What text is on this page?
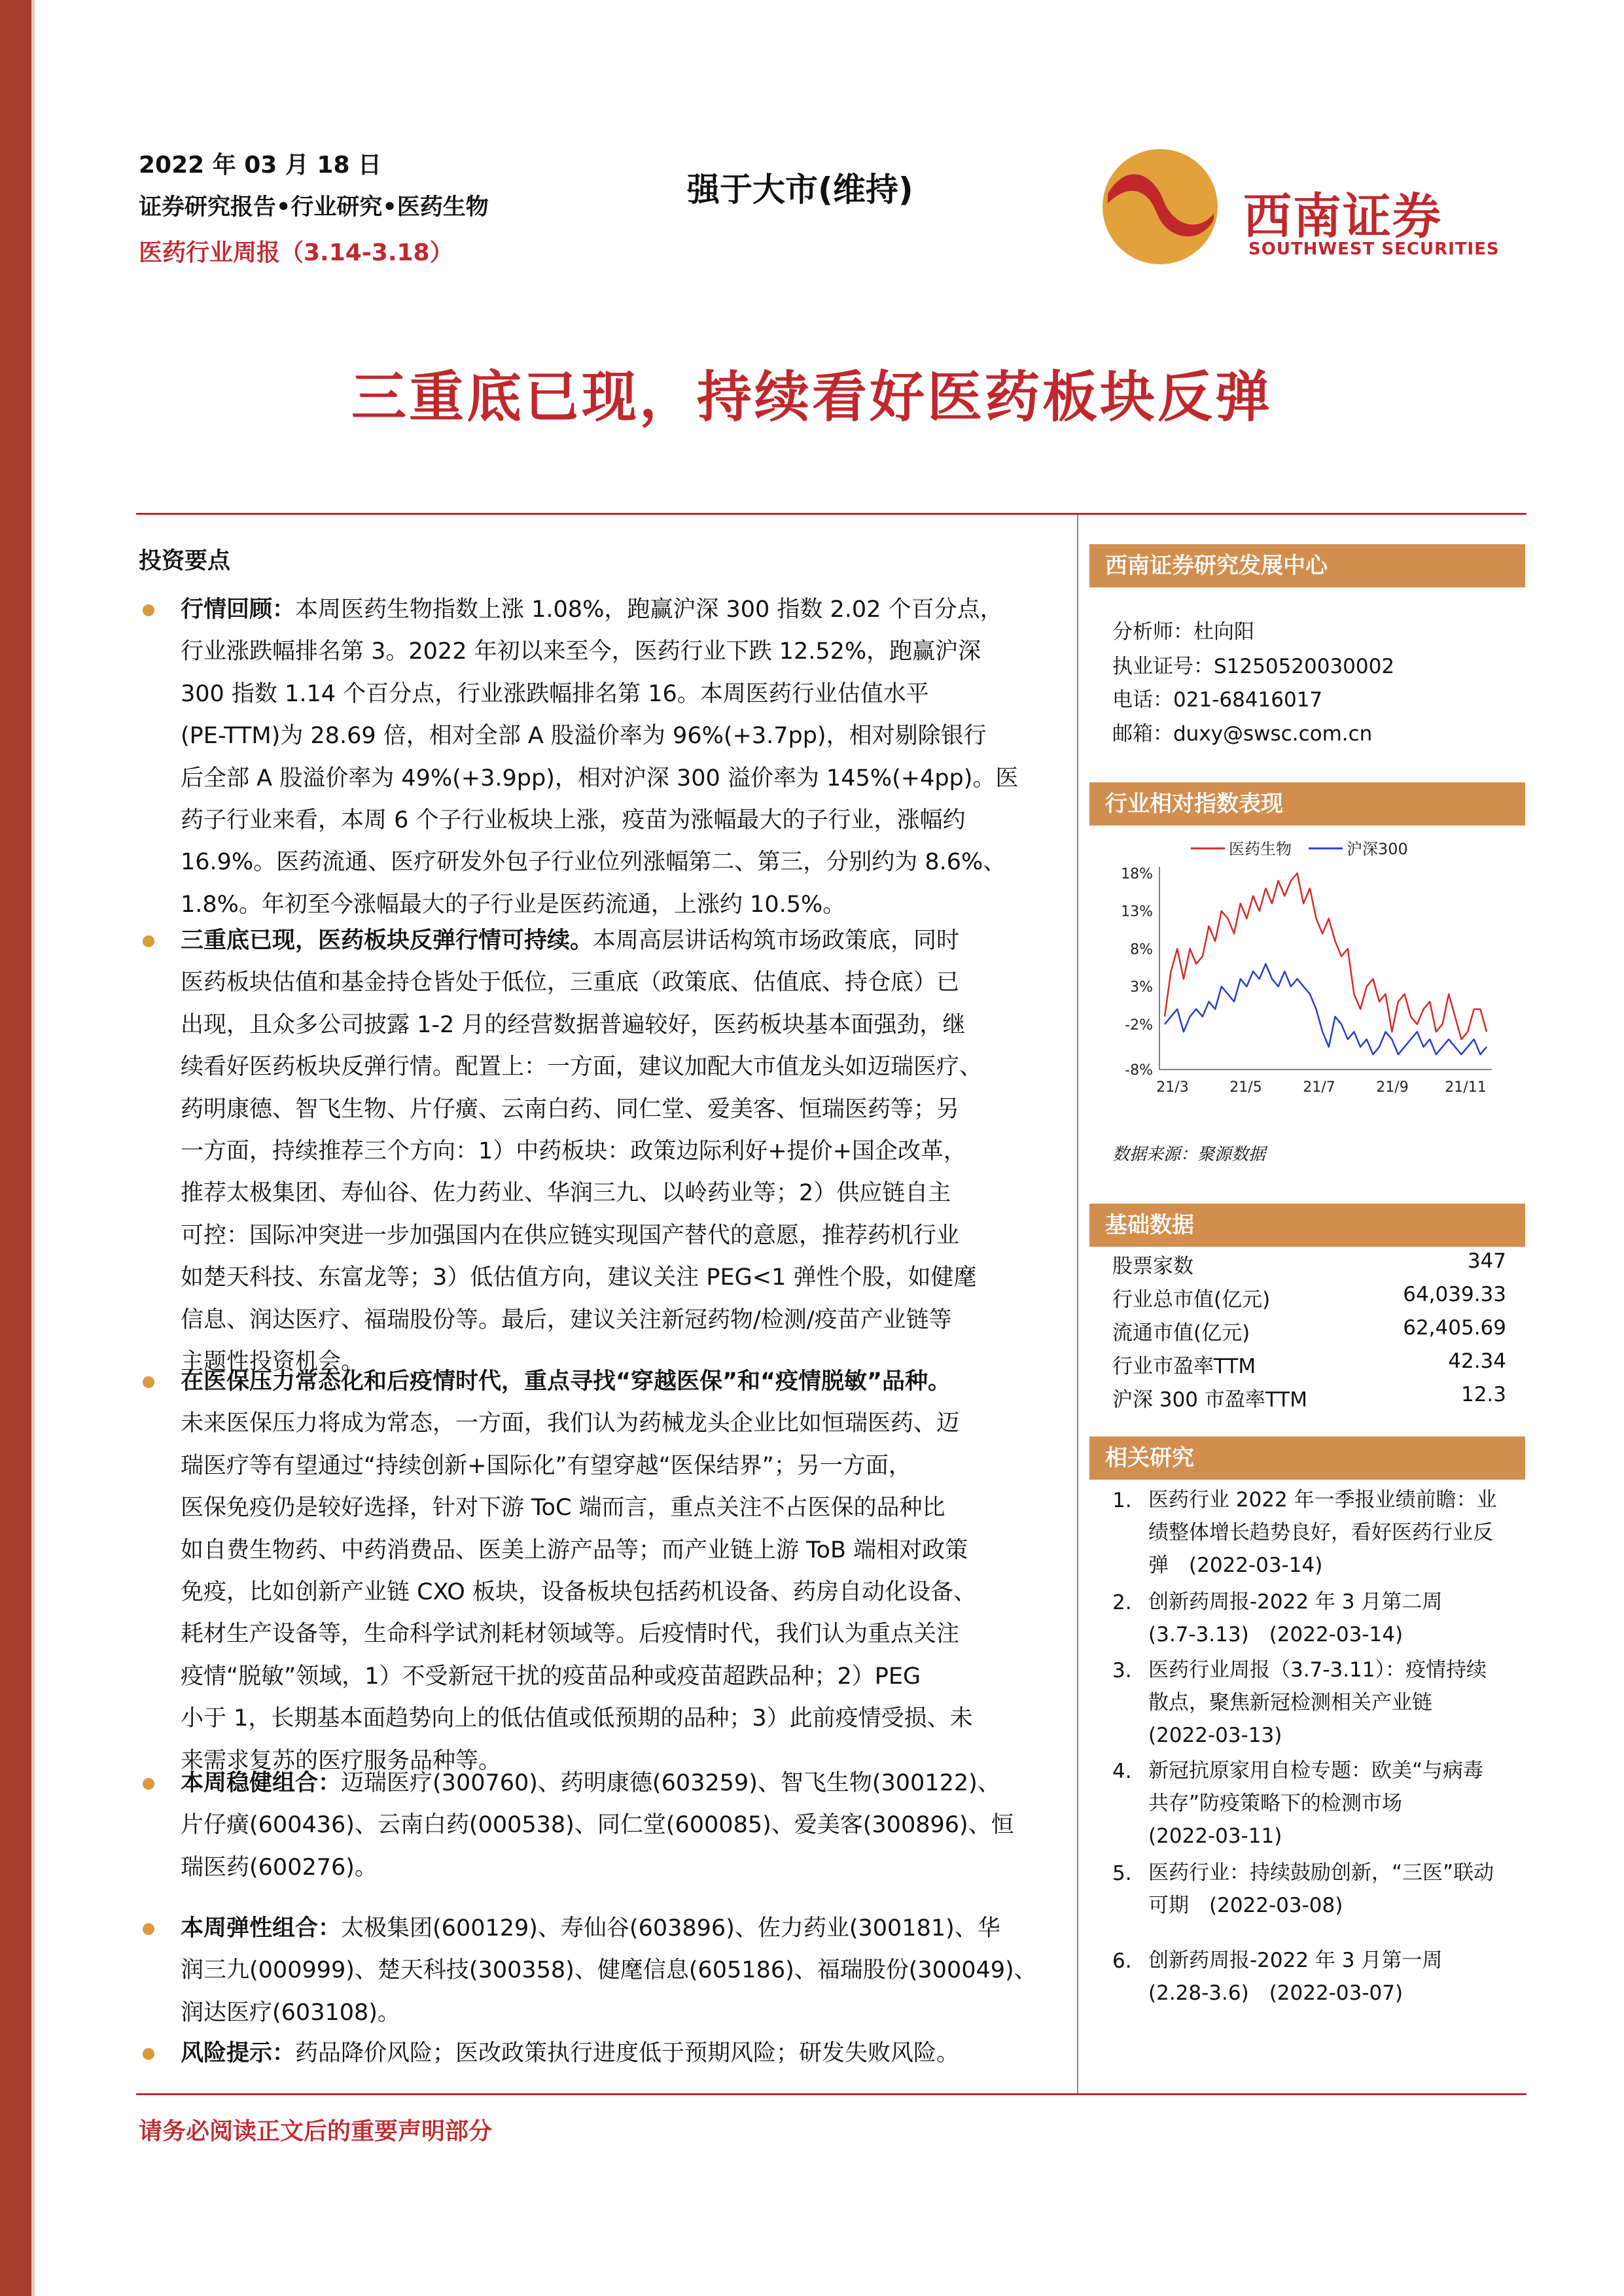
2022 年 03 月 18 日
证券研究报告•行业研究•医药生物
医药行业周报（3.14-3.18）
强于大市(维持)	西南证券
SOUTHWEST SECURITIES
三重底已现，持续看好医药板块反弹
投资要点
行情回顾：本周医药生物指数上涨 1.08%，跑赢沪深 300 指数 2.02 个百分点，
行业涨跌幅排名第 3。2022 年初以来至今，医药行业下跌 12.52%，跑赢沪深
300 指数 1.14 个百分点，行业涨跌幅排名第 16。本周医药行业估值水平
(PE-TTM)为 28.69 倍，相对全部 A 股溢价率为 96%(+3.7pp)，相对剔除银行
后全部 A 股溢价率为 49%(+3.9pp)，相对沪深 300 溢价率为 145%(+4pp)。医
药子行业来看，本周 6 个子行业板块上涨，疫苗为涨幅最大的子行业，涨幅约
16.9%。医药流通、医疗研发外包子行业位列涨幅第二、第三，分别约为 8.6%、
1.8%。年初至今涨幅最大的子行业是医药流通，上涨约 10.5%。
三重底已现，医药板块反弹行情可持续。本周高层讲话构筑市场政策底，同时
医药板块估值和基金持仓皆处于低位，三重底（政策底、估值底、持仓底）已
出现，且众多公司披露 1-2 月的经营数据普遍较好，医药板块基本面强劲，继
续看好医药板块反弹行情。配置上：一方面，建议加配大市值龙头如迈瑞医疗、
药明康德、智飞生物、片仔癀、云南白药、同仁堂、爱美客、恒瑞医药等；另
一方面，持续推荐三个方向：1）中药板块：政策边际利好+提价+国企改革，
推荐太极集团、寿仙谷、佐力药业、华润三九、以岭药业等；2）供应链自主
可控：国际冲突进一步加强国内在供应链实现国产替代的意愿，推荐药机行业
如楚天科技、东富龙等；3）低估值方向，建议关注 PEG<1 弹性个股，如健麾
信息、润达医疗、福瑞股份等。最后，建议关注新冠药物/检测/疫苗产业链等
主题性投资机会。
在医保压力常态化和后疫情时代，重点寻找“穿越医保”和“疫情脱敏”品种。
未来医保压力将成为常态，一方面，我们认为药械龙头企业比如恒瑞医药、迈
瑞医疗等有望通过“持续创新+国际化”有望穿越“医保结界”；另一方面，
医保免疫仍是较好选择，针对下游 ToC 端而言，重点关注不占医保的品种比
如自费生物药、中药消费品、医美上游产品等；而产业链上游 ToB 端相对政策
免疫，比如创新产业链 CXO 板块，设备板块包括药机设备、药房自动化设备、
耗材生产设备等，生命科学试剂耗材领域等。后疫情时代，我们认为重点关注
疫情“脱敏”领域，1）不受新冠干扰的疫苗品种或疫苗超跌品种；2）PEG
小于 1，长期基本面趋势向上的低估值或低预期的品种；3）此前疫情受损、未
来需求复苏的医疗服务品种等。
本周稳健组合：迈瑞医疗(300760)、药明康德(603259)、智飞生物(300122)、
片仔癀(600436)、云南白药(000538)、同仁堂(600085)、爱美客(300896)、恒
瑞医药(600276)。
本周弹性组合：太极集团(600129)、寿仙谷(603896)、佐力药业(300181)、华
润三九(000999)、楚天科技(300358)、健麾信息(605186)、福瑞股份(300049)、
润达医疗(603108)。
风险提示：药品降价风险；医改政策执行进度低于预期风险；研发失败风险。
西南证券研究发展中心
分析师：杜向阳
执业证号：S1250520030002
电话：021-68416017
邮箱：duxy@swsc.com.cn
行业相对指数表现
医药生物	沪深300
18%
13%
8%
3%
-2%
-8%
21/3	21/5	21/7	21/9	21/11
数据来源：聚源数据
基础数据
股票家数	347
行业总市值(亿元)	64,039.33
流通市值(亿元)	62,405.69
行业市盈率TTM	42.34
沪深 300 市盈率TTM	12.3
相关研究
1. 医药行业 2022 年一季报业绩前瞻：业
绩整体增长趋势良好，看好医药行业反
弹　(2022-03-14)
2. 创新药周报-2022 年 3 月第二周
(3.7-3.13)　(2022-03-14)
3. 医药行业周报（3.7-3.11）：疫情持续
散点，聚焦新冠检测相关产业链
(2022-03-13)
4. 新冠抗原家用自检专题：欧美“与病毒
共存”防疫策略下的检测市场
(2022-03-11)
5. 医药行业：持续鼓励创新，“三医”联动
可期　(2022-03-08)
6. 创新药周报-2022 年 3 月第一周
(2.28-3.6)　(2022-03-07)
请务必阅读正文后的重要声明部分
